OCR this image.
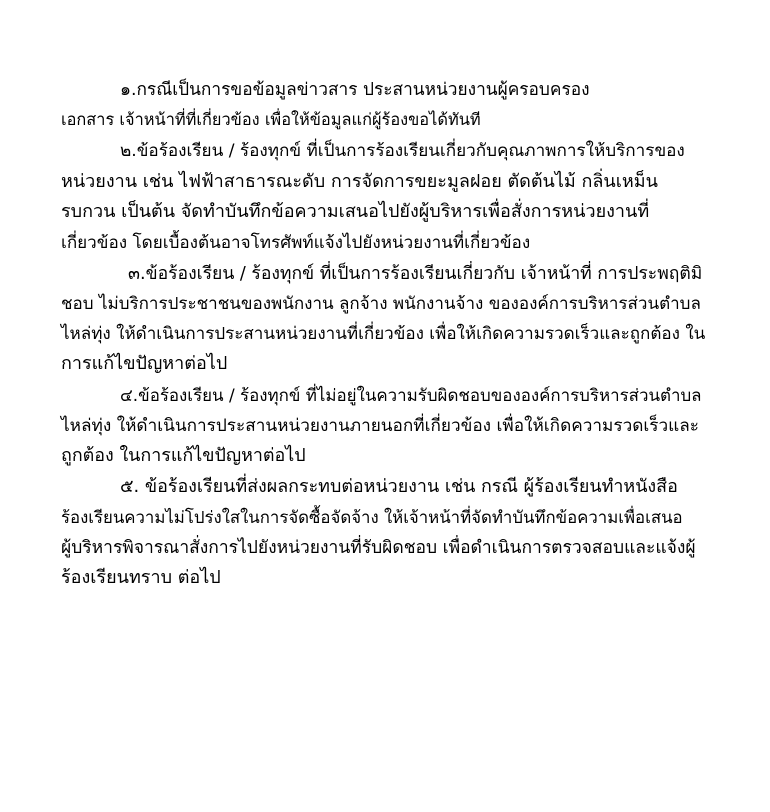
๑.กรณีเป็นการขอข้อมูลข่าวสาร ประสานหน่วยงานผู้ครอบครอง
เอกสาร เจ้าหน้าที่ที่เกี่ยวข้อง เพื่อให้ข้อมูลแก่ผู้ร้องขอได้ทันที
๒.ข้อร้องเรียน / ร้องทุกข์ ที่เป็นการร้องเรียนเกี่ยวกับคุณภาพการให้บริการของ
หน่วยงาน เช่น ไฟฟ้าสาธารณะดับ การจัดการขยะมูลฝอย ตัดต้นไม้ กลิ่นเหม็น
รบกวน เป็นต้น จัดทำบันทึกข้อความเสนอไปยังผู้บริหารเพื่อสั่งการหน่วยงานที่
เกี่ยวข้อง โดยเบื้องต้นอาจโทรศัพท์แจ้งไปยังหน่วยงานที่เกี่ยวข้อง
๓.ข้อร้องเรียน / ร้องทุกข์ ที่เป็นการร้องเรียนเกี่ยวกับ เจ้าหน้าที่ การประพฤติมิ
ชอบ ไม่บริการประชาชนของพนักงาน ลูกจ้าง พนักงานจ้าง ขององค์การบริหารส่วนตำบล
ไหล่ทุ่ง ให้ดำเนินการประสานหน่วยงานที่เกี่ยวข้อง เพื่อให้เกิดความรวดเร็วและถูกต้อง ใน
การแก้ไขปัญหาต่อไป
๔.ข้อร้องเรียน / ร้องทุกข์ ที่ไม่อยู่ในความรับผิดชอบขององค์การบริหารส่วนตำบล
ไหล่ทุ่ง ให้ดำเนินการประสานหน่วยงานภายนอกที่เกี่ยวข้อง เพื่อให้เกิดความรวดเร็วและ
ถูกต้อง ในการแก้ไขปัญหาต่อไป
๕. ข้อร้องเรียนที่ส่งผลกระทบต่อหน่วยงาน เช่น กรณี ผู้ร้องเรียนทำหนังสือ
ร้องเรียนความไม่โปร่งใสในการจัดซื้อจัดจ้าง ให้เจ้าหน้าที่จัดทำบันทึกข้อความเพื่อเสนอ
ผู้บริหารพิจารณาสั่งการไปยังหน่วยงานที่รับผิดชอบ เพื่อดำเนินการตรวจสอบและแจ้งผู้
ร้องเรียนทราบ ต่อไป
